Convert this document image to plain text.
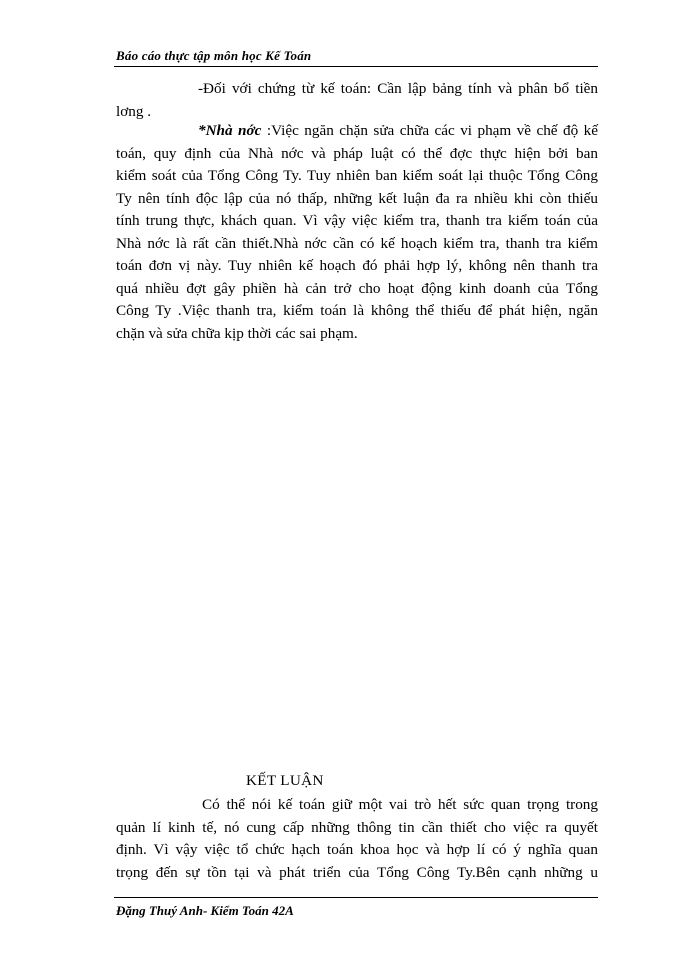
Báo cáo thực tập môn học Kế Toán
-Đối với chứng từ kế toán: Cần lập bảng tính và phân bổ tiền
lơng .
*Nhà nớc :Việc ngăn chặn sửa chữa các vi phạm về chế độ kế
toán, quy định của Nhà nớc và pháp luật có thể đợc thực hiện bởi ban
kiểm soát của Tổng Công Ty. Tuy nhiên ban kiểm soát lại thuộc Tổng Công
Ty nên tính độc lập của nó thấp, những kết luận đa ra nhiều khi còn thiếu
tính trung thực, khách quan. Vì vậy việc kiểm tra, thanh tra kiểm toán của
Nhà nớc là rất cần thiết.Nhà nớc cần có kế hoạch kiểm tra, thanh tra kiểm
toán đơn vị này. Tuy nhiên kế hoạch đó phải hợp lý, không nên thanh tra
quá nhiều đợt gây phiền hà cản trở cho hoạt động kinh doanh của Tổng
Công Ty .Việc thanh tra, kiểm toán là không thể thiếu để phát hiện, ngăn
chặn và sửa chữa kịp thời các sai phạm.
KẾT LUẬN
Có thể nói kế toán giữ một vai trò hết sức quan trọng trong
quản lí kinh tế, nó cung cấp những thông tin cần thiết cho việc ra quyết
định. Vì vậy việc tổ chức hạch toán khoa học và hợp lí có ý nghĩa quan
trọng đến sự tồn tại và phát triển của Tổng Công Ty.Bên cạnh những u
Đặng Thuý Anh- Kiểm Toán 42A
